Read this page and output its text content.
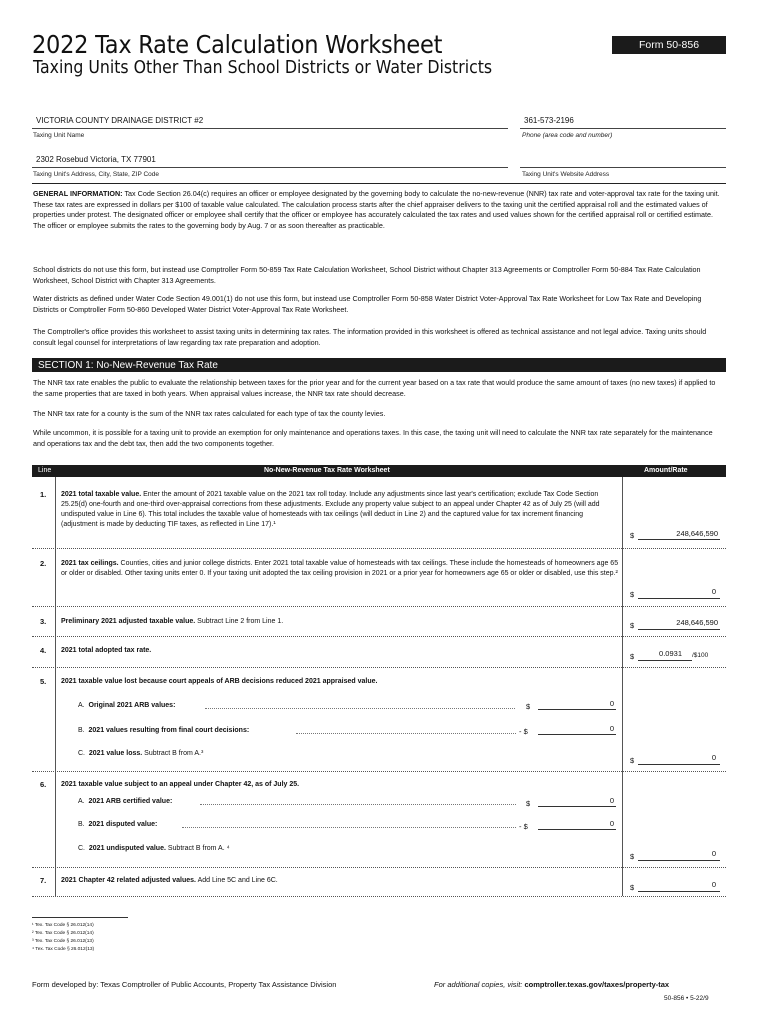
2022 Tax Rate Calculation Worksheet
Taxing Units Other Than School Districts or Water Districts
Form 50-856
VICTORIA COUNTY DRAINAGE DISTRICT #2
Taxing Unit Name
361-573-2196
Phone (area code and number)
2302 Rosebud Victoria, TX 77901
Taxing Unit's Address, City, State, ZIP Code	Taxing Unit's Website Address
GENERAL INFORMATION: Tax Code Section 26.04(c) requires an officer or employee designated by the governing body to calculate the no-new-revenue (NNR) tax rate and voter-approval tax rate for the taxing unit. These tax rates are expressed in dollars per $100 of taxable value calculated. The calculation process starts after the chief appraiser delivers to the taxing unit the certified appraisal roll and the estimated values of properties under protest. The designated officer or employee shall certify that the officer or employee has accurately calculated the tax rates and used values shown for the certified appraisal roll or certified estimate. The officer or employee submits the rates to the governing body by Aug. 7 or as soon thereafter as practicable.
School districts do not use this form, but instead use Comptroller Form 50-859 Tax Rate Calculation Worksheet, School District without Chapter 313 Agreements or Comptroller Form 50-884 Tax Rate Calculation Worksheet, School District with Chapter 313 Agreements.
Water districts as defined under Water Code Section 49.001(1) do not use this form, but instead use Comptroller Form 50-858 Water District Voter-Approval Tax Rate Worksheet for Low Tax Rate and Developing Districts or Comptroller Form 50-860 Developed Water District Voter-Approval Tax Rate Worksheet.
The Comptroller's office provides this worksheet to assist taxing units in determining tax rates. The information provided in this worksheet is offered as technical assistance and not legal advice. Taxing units should consult legal counsel for interpretations of law regarding tax rate preparation and adoption.
SECTION 1: No-New-Revenue Tax Rate
The NNR tax rate enables the public to evaluate the relationship between taxes for the prior year and for the current year based on a tax rate that would produce the same amount of taxes (no new taxes) if applied to the same properties that are taxed in both years. When appraisal values increase, the NNR tax rate should decrease.
The NNR tax rate for a county is the sum of the NNR tax rates calculated for each type of tax the county levies.
While uncommon, it is possible for a taxing unit to provide an exemption for only maintenance and operations taxes. In this case, the taxing unit will need to calculate the NNR tax rate separately for the maintenance and operations tax and the debt tax, then add the two components together.
Line	No-New-Revenue Tax Rate Worksheet	Amount/Rate
1. 2021 total taxable value. Enter the amount of 2021 taxable value on the 2021 tax roll today. Include any adjustments since last year's certification; exclude Tax Code Section 25.25(d) one-fourth and one-third over-appraisal corrections from these adjustments. Exclude any property value subject to an appeal under Chapter 42 as of July 25 (will add undisputed value in Line 6). This total includes the taxable value of homesteads with tax ceilings (will deduct in Line 2) and the captured value for tax increment financing (adjustment is made by deducting TIF taxes, as reflected in Line 17).¹
$	248,646,590
2. 2021 tax ceilings. Counties, cities and junior college districts. Enter 2021 total taxable value of homesteads with tax ceilings. These include the homesteads of homeowners age 65 or older or disabled. Other taxing units enter 0. If your taxing unit adopted the tax ceiling provision in 2021 or a prior year for homeowners age 65 or older or disabled, use this step.²
$	0
3. Preliminary 2021 adjusted taxable value. Subtract Line 2 from Line 1.	$	248,646,590
4. 2021 total adopted tax rate.
$	0.0931 /$100
5. 2021 taxable value lost because court appeals of ARB decisions reduced 2021 appraised value.
A. Original 2021 ARB values:	$	0
B. 2021 values resulting from final court decisions:	- $	0
C. 2021 value loss. Subtract B from A.³
$	0
6. 2021 taxable value subject to an appeal under Chapter 42, as of July 25.
A. 2021 ARB certified value:	$	0
B. 2021 disputed value:	- $	0
C. 2021 undisputed value. Subtract B from A. ⁴
$	0
7. 2021 Chapter 42 related adjusted values. Add Line 5C and Line 6C.
$	0
¹ Tex. Tax Code § 26.012(14)
² Tex. Tax Code § 26.012(14)
³ Tex. Tax Code § 26.012(13)
⁴ Tex. Tax Code § 26.012(13)
Form developed by: Texas Comptroller of Public Accounts, Property Tax Assistance Division	For additional copies, visit: comptroller.texas.gov/taxes/property-tax
50-856 • 5-22/9
